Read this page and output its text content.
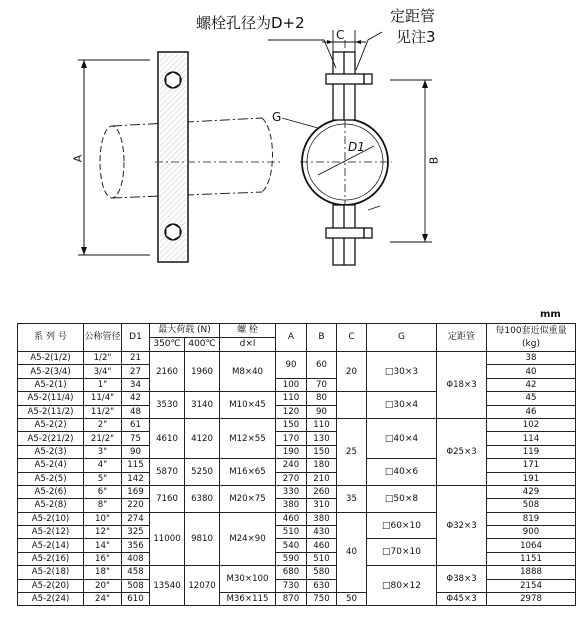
螺栓孔径为D+2	定距管
见注3
C
G
D1
A	B
mm
系 列 号	公称管径	D1	最大荷载 (N)		螺 栓	A	B	C	G	定距管	每100套近似重量 (kg)
			350℃	400℃	d×l						
A5-2(1/2)	1/2"	21	2160	1960	M8×40	90	60	20	□30×3	Φ18×3	38
A5-2(3/4)	3/4"	27									40
A5-2(1)	1"	34				100	70				42
A5-2(11/4)	11/4"	42	3530	3140	M10×45	110	80		□30×4		45
A5-2(11/2)	11/2"	48				120	90				46
A5-2(2)	2"	61	4610	4120	M12×55	150	110	25	□40×4	Φ25×3	102
A5-2(21/2)	21/2"	75				170	130				114
A5-2(3)	3"	90				190	150				119
A5-2(4)	4"	115	5870	5250	M16×65	240	180		□40×6		171
A5-2(5)	5"	142				270	210				191
A5-2(6)	6"	169	7160	6380	M20×75	330	260	35	□50×8	Φ32×3	429
A5-2(8)	8"	220				380	310				508
A5-2(10)	10"	274	11000	9810	M24×90	460	380	40	□60×10		819
A5-2(12)	12"	325				510	430				900
A5-2(14)	14"	356				540	460		□70×10		1064
A5-2(16)	16"	408				590	510				1151
A5-2(18)	18"	458	13540	12070	M30×100	680	580		□80×12	Φ38×3	1888
A5-2(20)	20"	508				730	630				2154
A5-2(24)	24"	610			M36×115	870	750	50		Φ45×3	2978
